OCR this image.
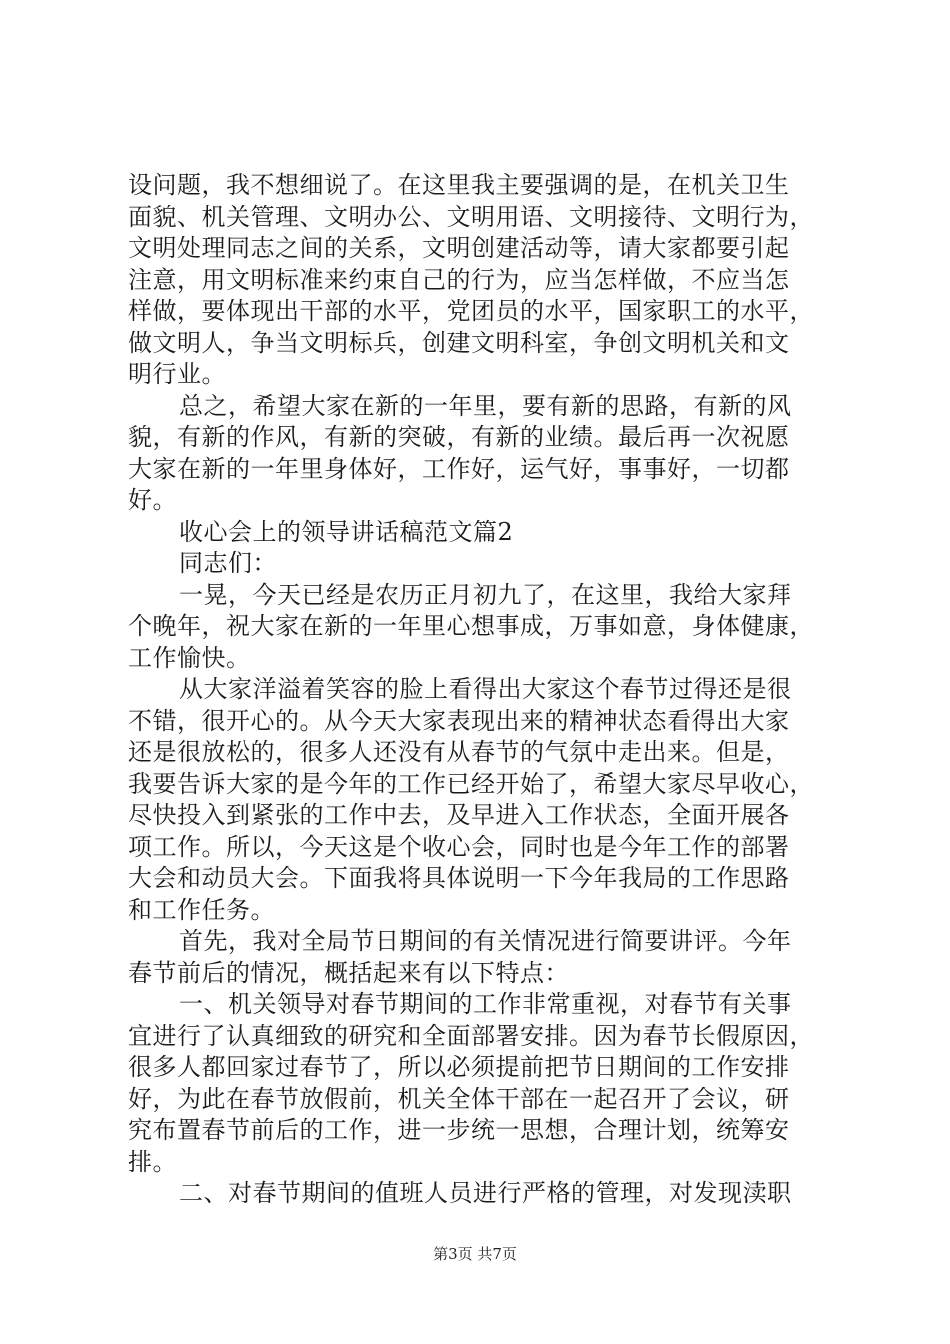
设问题，我不想细说了。在这里我主要强调的是，在机关卫生
面貌、机关管理、文明办公、文明用语、文明接待、文明行为，
文明处理同志之间的关系，文明创建活动等，请大家都要引起
注意，用文明标准来约束自己的行为，应当怎样做，不应当怎
样做，要体现出干部的水平，党团员的水平，国家职工的水平，
做文明人，争当文明标兵，创建文明科室，争创文明机关和文
明行业。
总之，希望大家在新的一年里，要有新的思路，有新的风
貌，有新的作风，有新的突破，有新的业绩。最后再一次祝愿
大家在新的一年里身体好，工作好，运气好，事事好，一切都
好。
收心会上的领导讲话稿范文篇2
同志们：
一晃，今天已经是农历正月初九了，在这里，我给大家拜
个晚年，祝大家在新的一年里心想事成，万事如意，身体健康，
工作愉快。
从大家洋溢着笑容的脸上看得出大家这个春节过得还是很
不错，很开心的。从今天大家表现出来的精神状态看得出大家
还是很放松的，很多人还没有从春节的气氛中走出来。但是，
我要告诉大家的是今年的工作已经开始了，希望大家尽早收心，
尽快投入到紧张的工作中去，及早进入工作状态，全面开展各
项工作。所以，今天这是个收心会，同时也是今年工作的部署
大会和动员大会。下面我将具体说明一下今年我局的工作思路
和工作任务。
首先，我对全局节日期间的有关情况进行简要讲评。今年
春节前后的情况，概括起来有以下特点：
一、机关领导对春节期间的工作非常重视，对春节有关事
宜进行了认真细致的研究和全面部署安排。因为春节长假原因，
很多人都回家过春节了，所以必须提前把节日期间的工作安排
好，为此在春节放假前，机关全体干部在一起召开了会议，研
究布置春节前后的工作，进一步统一思想，合理计划，统筹安
排。
二、对春节期间的值班人员进行严格的管理，对发现渎职
第3页 共7页
